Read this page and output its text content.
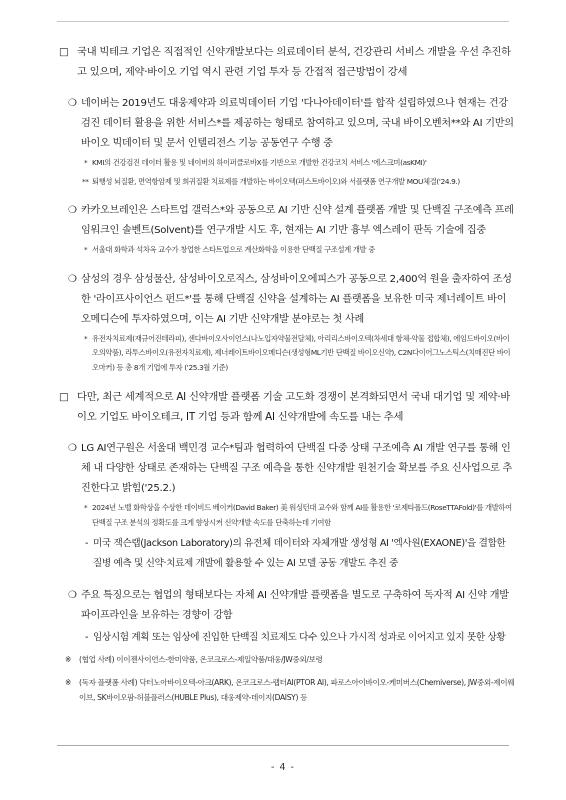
□ 국내 빅테크 기업은 직접적인 신약개발보다는 의료데이터 분석, 건강관리 서비스 개발을 우선 추진하고 있으며, 제약·바이오 기업 역시 관련 기업 투자 등 간접적 접근방법이 강세
❍ 네이버는 2019년도 대웅제약과 의료빅데이터 기업 '다나아데이터'를 합작 설립하였으나 현재는 건강검진 데이터 활용을 위한 서비스*를 제공하는 형태로 참여하고 있으며, 국내 바이오벤처**와 AI 기반의 바이오 빅데이터 및 문서 인텔리전스 기능 공동연구 수행 중
* KMI의 건강검진 데이터 활용 및 네이버의 하이퍼클로바X를 기반으로 개발한 건강코치 서비스 '에스크미(asKMI)'
** 퇴행성 뇌질환, 면역항암제 및 희귀질환 치료제를 개발하는 바이오텍(퍼스트바이오)와 서플랫폼 연구개발 MOU체결('24.9.)
❍ 카카오브레인은 스타트업 갤럭스*와 공동으로 AI 기반 신약 설계 플랫폼 개발 및 단백질 구조예측 프레임워크인 솔벤트(Solvent)를 연구개발 시도 후, 현재는 AI 기반 흉부 엑스레이 판독 기술에 집중
* 서울대 화학과 석차옥 교수가 창업한 스타트업으로 계산화학을 이용한 단백질 구조설계 개발 중
❍ 삼성의 경우 삼성물산, 삼성바이오로직스, 삼성바이오에피스가 공동으로 2,400억 원을 출자하여 조성한 '라이프사이언스 펀드*'를 통해 단백질 신약을 설계하는 AI 플랫폼을 보유한 미국 제너레이트 바이오메디슨에 투자하였으며, 이는 AI 기반 신약개발 분야로는 첫 사례
* 유전자치료제(재규어진테라피), 센다바이오사이언스(나노입자약물전달체), 아리리스바이오텍(차세대 항체-약물 접합체), 에임드바이오(바이오의약품), 라투스바이오(유전자치료제), 제너레이트바이오메디슨(생성형ML기반 단백질 바이오신약), C2N다이어그노스틱스(치매진단 바이오마커) 등 총 8개 기업에 투자 ('25.3월 기준)
□ 다만, 최근 세계적으로 AI 신약개발 플랫폼 기술 고도화 경쟁이 본격화되면서 국내 대기업 및 제약·바이오 기업도 바이오테크, IT 기업 등과 함께 AI 신약개발에 속도를 내는 추세
❍ LG AI연구원은 서울대 백민경 교수*팀과 협력하여 단백질 다중 상태 구조예측 AI 개발 연구를 통해 인체 내 다양한 상태로 존재하는 단백질 구조 예측을 통한 신약개발 원천기술 확보를 주요 신사업으로 추진한다고 밝힘('25.2.)
* 2024년 노벨 화학상을 수상한 데이비드 베이커(David Baker) 美 워싱턴대 교수와 함께 AI를 활용한 '로제타폴드(RoseTTAFold)'를 개발하여 단백질 구조 분석의 정확도를 크게 향상시켜 신약개발 속도를 단축하는데 기여함
- 미국 잭슨랩(Jackson Laboratory)의 유전체 데이터와 자체개발 생성형 AI '엑사원(EXAONE)'을 결합한 질병 예측 및 신약·치료제 개발에 활용할 수 있는 AI 모델 공동 개발도 추진 중
❍ 주요 특징으로는 협업의 형태보다는 자체 AI 신약개발 플랫폼을 별도로 구축하여 독자적 AI 신약 개발 파이프라인을 보유하는 경향이 강함
- 임상시험 계획 또는 임상에 진입한 단백질 치료제도 다수 있으나 가시적 성과로 이어지고 있지 못한 상황
※ (협업 사례) 이이젠사이언스-한미약품, 온코크로스-제일약품/대웅/JW중외/보령
※ (독자 플랫폼 사례) 닥터노아바이오텍-아크(ARK), 온코크로스-랩터AI(PTOR AI), 파로스아이바이오-케미버스(Chemiverse), JW중외-제이웨이브, SK바이오팜-허블플러스(HUBLE Plus), 대웅제약-데이지(DAISY) 등
- 4 -
